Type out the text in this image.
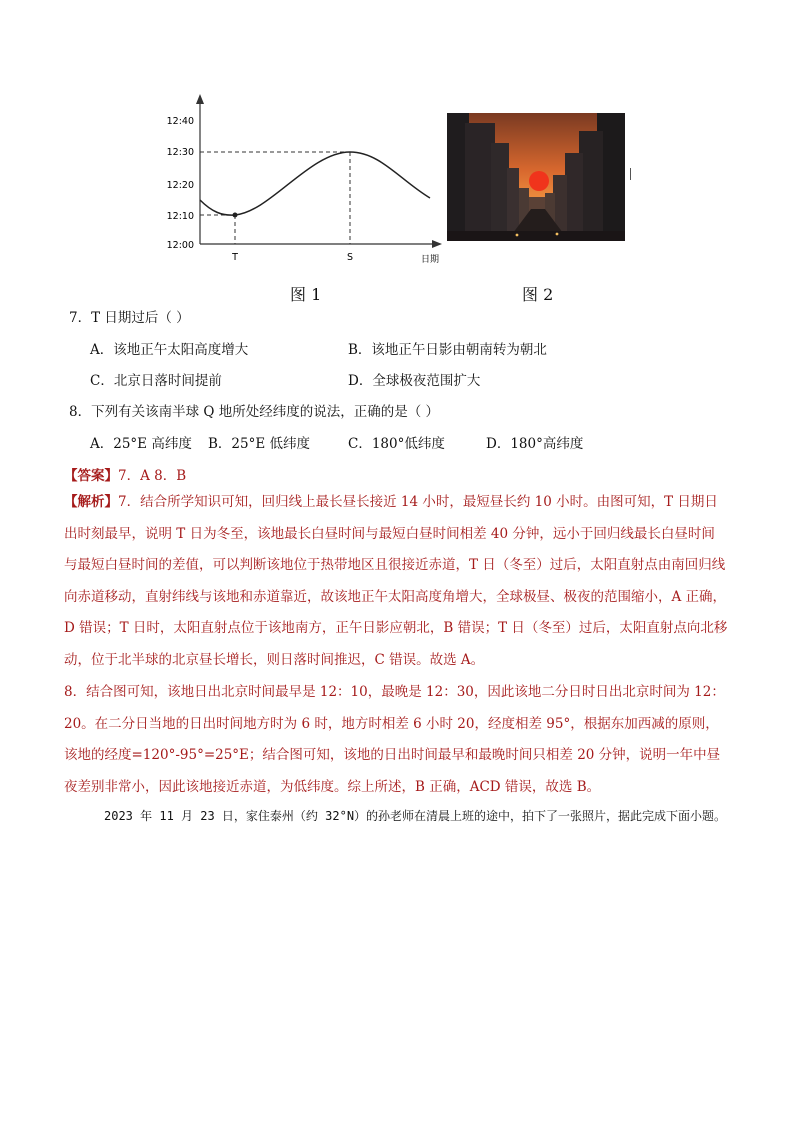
12:40
12:30
12:20
12:10
12:00
T	S	日期
图 1	图 2
7．T 日期过后（ ）
A．该地正午太阳高度增大	B．该地正午日影由朝南转为朝北
C．北京日落时间提前	D．全球极夜范围扩大
8．下列有关该南半球 Q 地所处经纬度的说法，正确的是（ ）
A．25°E 高纬度 B．25°E 低纬度	C．180°低纬度	D．180°高纬度
【答案】7．A 8．B
【解析】7．结合所学知识可知，回归线上最长昼长接近 14 小时，最短昼长约 10 小时。由图可知，T 日期日出时刻最早，说明 T 日为冬至，该地最长白昼时间与最短白昼时间相差 40 分钟，远小于回归线最长白昼时间与最短白昼时间的差值，可以判断该地位于热带地区且很接近赤道，T 日（冬至）过后，太阳直射点由南回归线向赤道移动，直射纬线与该地和赤道靠近，故该地正午太阳高度角增大，全球极昼、极夜的范围缩小，A 正确，D 错误；T 日时，太阳直射点位于该地南方，正午日影应朝北，B 错误；T 日（冬至）过后，太阳直射点向北移动，位于北半球的北京昼长增长，则日落时间推迟，C 错误。故选 A。
8．结合图可知，该地日出北京时间最早是 12：10，最晚是 12：30，因此该地二分日时日出北京时间为 12：20。在二分日当地的日出时间地方时为 6 时，地方时相差 6 小时 20，经度相差 95°，根据东加西减的原则，该地的经度=120°-95°=25°E；结合图可知，该地的日出时间最早和最晚时间只相差 20 分钟，说明一年中昼夜差别非常小，因此该地接近赤道，为低纬度。综上所述，B 正确，ACD 错误，故选 B。
2023 年 11 月 23 日，家住泰州（约 32°N）的孙老师在清晨上班的途中，拍下了一张照片，据此完成下面小题。
